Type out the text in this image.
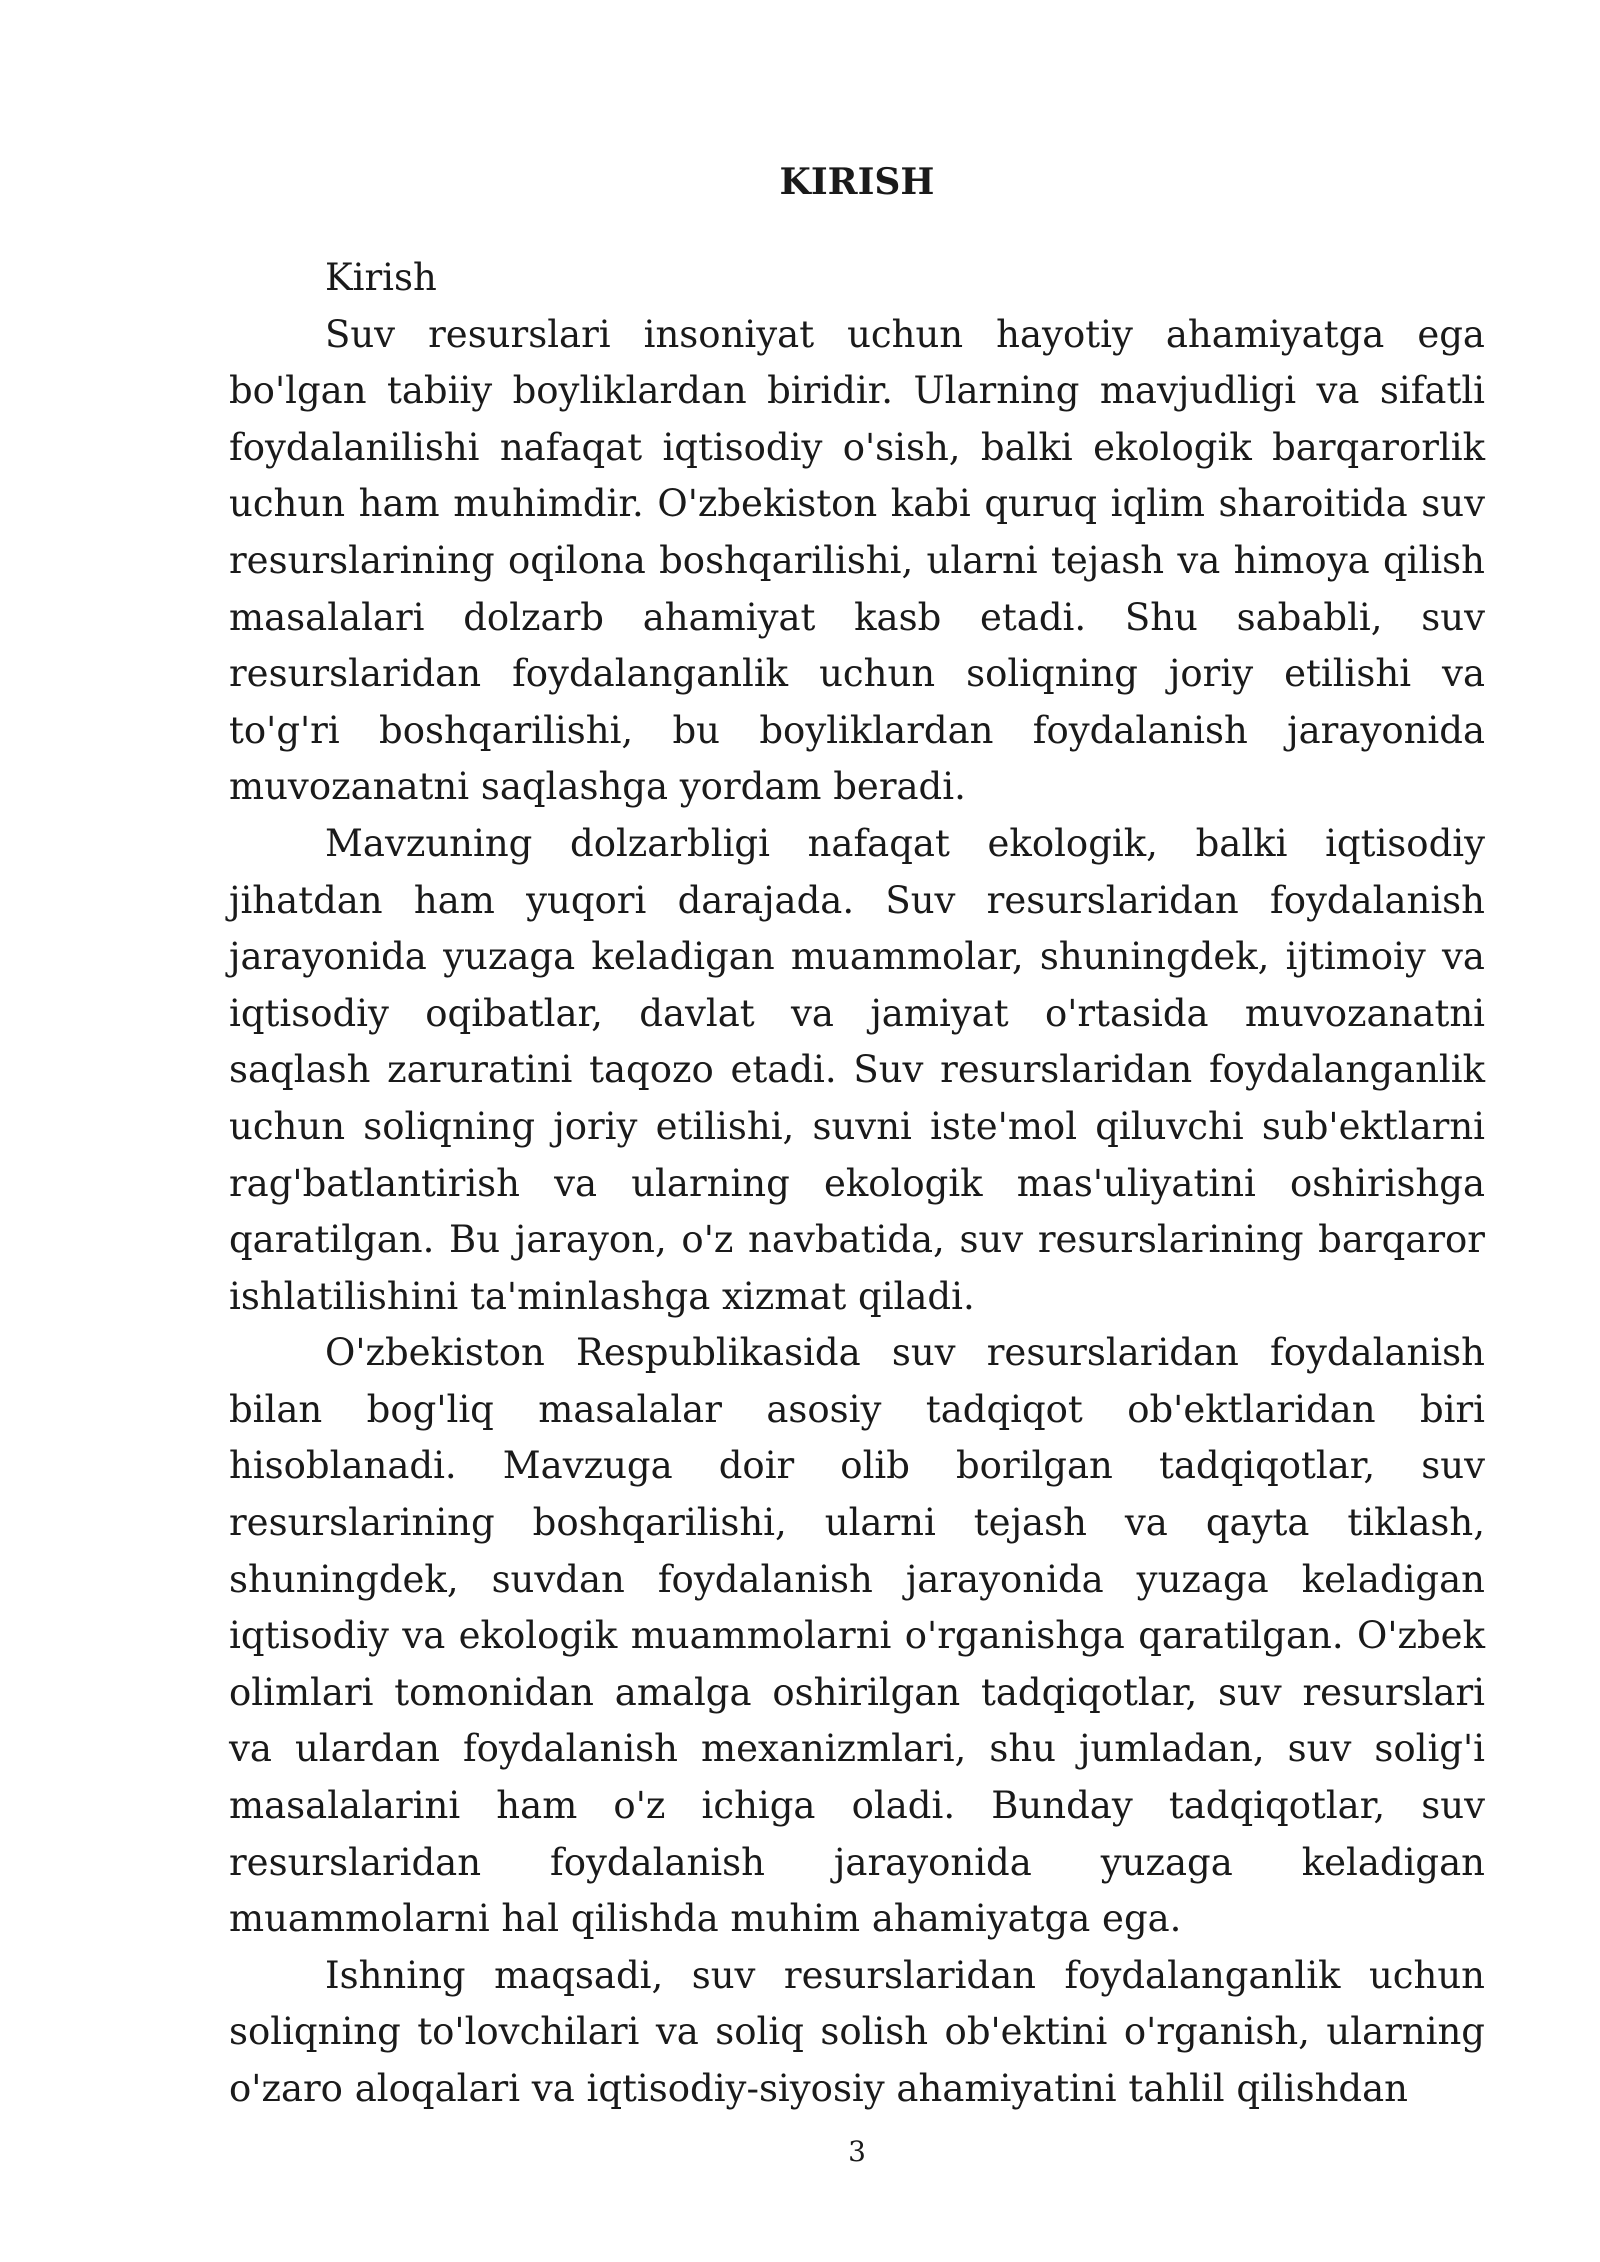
KIRISH

Kirish

Suv resurslari insoniyat uchun hayotiy ahamiyatga ega bo'lgan tabiiy boyliklardan biridir. Ularning mavjudligi va sifatli foydalanilishi nafaqat iqtisodiy o'sish, balki ekologik barqarorlik uchun ham muhimdir. O'zbekiston kabi quruq iqlim sharoitida suv resurslarining oqilona boshqarilishi, ularni tejash va himoya qilish masalalari dolzarb ahamiyat kasb etadi. Shu sababli, suv resurslaridan foydalanganlik uchun soliqning joriy etilishi va to'g'ri boshqarilishi, bu boyliklardan foydalanish jarayonida muvozanatni saqlashga yordam beradi.

Mavzuning dolzarbligi nafaqat ekologik, balki iqtisodiy jihatdan ham yuqori darajada. Suv resurslaridan foydalanish jarayonida yuzaga keladigan muammolar, shuningdek, ijtimoiy va iqtisodiy oqibatlar, davlat va jamiyat o'rtasida muvozanatni saqlash zaruratini taqozo etadi. Suv resurslaridan foydalanganlik uchun soliqning joriy etilishi, suvni iste'mol qiluvchi sub'ektlarni rag'batlantirish va ularning ekologik mas'uliyatini oshirishga qaratilgan. Bu jarayon, o'z navbatida, suv resurslarining barqaror ishlatilishini ta'minlashga xizmat qiladi.

O'zbekiston Respublikasida suv resurslaridan foydalanish bilan bog'liq masalalar asosiy tadqiqot ob'ektlaridan biri hisoblanadi. Mavzuga doir olib borilgan tadqiqotlar, suv resurslarining boshqarilishi, ularni tejash va qayta tiklash, shuningdek, suvdan foydalanish jarayonida yuzaga keladigan iqtisodiy va ekologik muammolarni o'rganishga qaratilgan. O'zbek olimlari tomonidan amalga oshirilgan tadqiqotlar, suv resurslari va ulardan foydalanish mexanizmlari, shu jumladan, suv solig'i masalalarini ham o'z ichiga oladi. Bunday tadqiqotlar, suv resurslaridan foydalanish jarayonida yuzaga keladigan muammolarni hal qilishda muhim ahamiyatga ega.

Ishning maqsadi, suv resurslaridan foydalanganlik uchun soliqning to'lovchilari va soliq solish ob'ektini o'rganish, ularning o'zaro aloqalari va iqtisodiy-siyosiy ahamiyatini tahlil qilishdan

3
